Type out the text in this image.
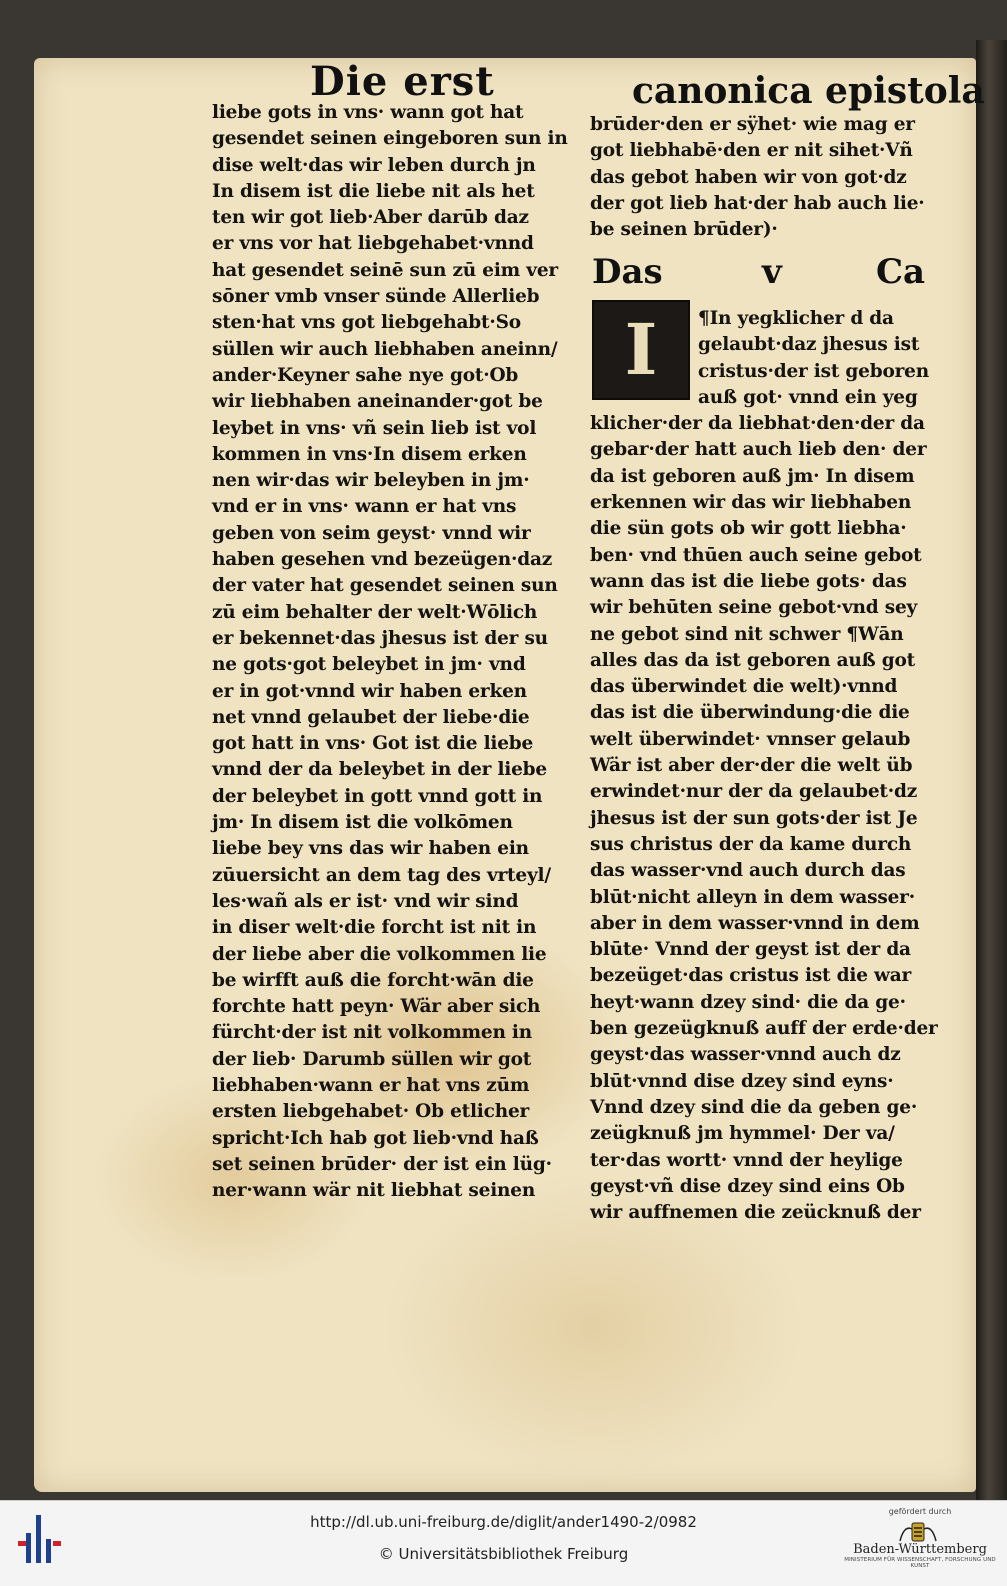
Die erst	canonica epistola
liebe gots in vns· wann got hat
gesendet seinen eingeboren sun in
dise welt·das wir leben durch jn
In disem ist die liebe nit als het
ten wir got lieb·Aber darūb daz
er vns vor hat liebgehabet·vnnd
hat gesendet seinē sun zū eim ver
sōner vmb vnser sünde Allerlieb
sten·hat vns got liebgehabt·So
süllen wir auch liebhaben aneinn/
ander·Keyner sahe nye got·Ob
wir liebhaben aneinander·got be
leybet in vns· vñ sein lieb ist vol
kommen in vns·In disem erken
nen wir·das wir beleyben in jm·
vnd er in vns· wann er hat vns
geben von seim geyst· vnnd wir
haben gesehen vnd bezeügen·daz
der vater hat gesendet seinen sun
zū eim behalter der welt·Wōlich
er bekennet·das jhesus ist der su
ne gots·got beleybet in jm· vnd
er in got·vnnd wir haben erken
net vnnd gelaubet der liebe·die
got hatt in vns· Got ist die liebe
vnnd der da beleybet in der liebe
der beleybet in gott vnnd gott in
jm· In disem ist die volkōmen
liebe bey vns das wir haben ein
zūuersicht an dem tag des vrteyl/
les·wañ als er ist· vnd wir sind
in diser welt·die forcht ist nit in
der liebe aber die volkommen lie
be wirfft auß die forcht·wān die
forchte hatt peyn· Wär aber sich
fürcht·der ist nit volkommen in
der lieb· Darumb süllen wir got
liebhaben·wann er hat vns zūm
ersten liebgehabet· Ob etlicher
spricht·Ich hab got lieb·vnd haß
set seinen brūder· der ist ein lüg·
ner·wann wär nit liebhat seinen
brūder·den er sÿhet· wie mag er
got liebhabē·den er nit sihet·Vñ
das gebot haben wir von got·dz
der got lieb hat·der hab auch lie·
be seinen brūder)·
Das	v	Ca
I	¶In yegklicher d da
gelaubt·daz jhesus ist
cristus·der ist geboren
auß got· vnnd ein yeg
klicher·der da liebhat·den·der da
gebar·der hatt auch lieb den· der
da ist geboren auß jm· In disem
erkennen wir das wir liebhaben
die sün gots ob wir gott liebha·
ben· vnd thūen auch seine gebot
wann das ist die liebe gots· das
wir behūten seine gebot·vnd sey
ne gebot sind nit schwer ¶Wān
alles das da ist geboren auß got
das überwindet die welt)·vnnd
das ist die überwindung·die die
welt überwindet· vnnser gelaub
Wär ist aber der·der die welt üb
erwindet·nur der da gelaubet·dz
jhesus ist der sun gots·der ist Je
sus christus der da kame durch
das wasser·vnd auch durch das
blūt·nicht alleyn in dem wasser·
aber in dem wasser·vnnd in dem
blūte· Vnnd der geyst ist der da
bezeüget·das cristus ist die war
heyt·wann dzey sind· die da ge·
ben gezeügknuß auff der erde·der
geyst·das wasser·vnnd auch dz
blūt·vnnd dise dzey sind eyns·
Vnnd dzey sind die da geben ge·
zeügknuß jm hymmel· Der va/
ter·das wortt· vnnd der heylige
geyst·vñ dise dzey sind eins Ob
wir auffnemen die zeücknuß der
http://dl.ub.uni-freiburg.de/diglit/ander1490-2/0982
© Universitätsbibliothek Freiburg
gefördert durch
Baden-Württemberg
MINISTERIUM FÜR WISSENSCHAFT, FORSCHUNG UND KUNST
